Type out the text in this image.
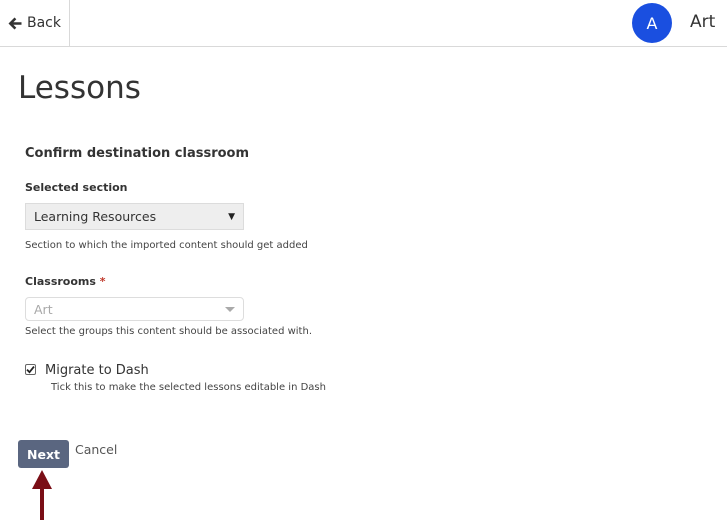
Back	A	Art
Lessons
Confirm destination classroom
Selected section
Learning Resources	▼
Section to which the imported content should get added
Classrooms *
Art
Select the groups this content should be associated with.
Migrate to Dash
Tick this to make the selected lessons editable in Dash
Next	Cancel
